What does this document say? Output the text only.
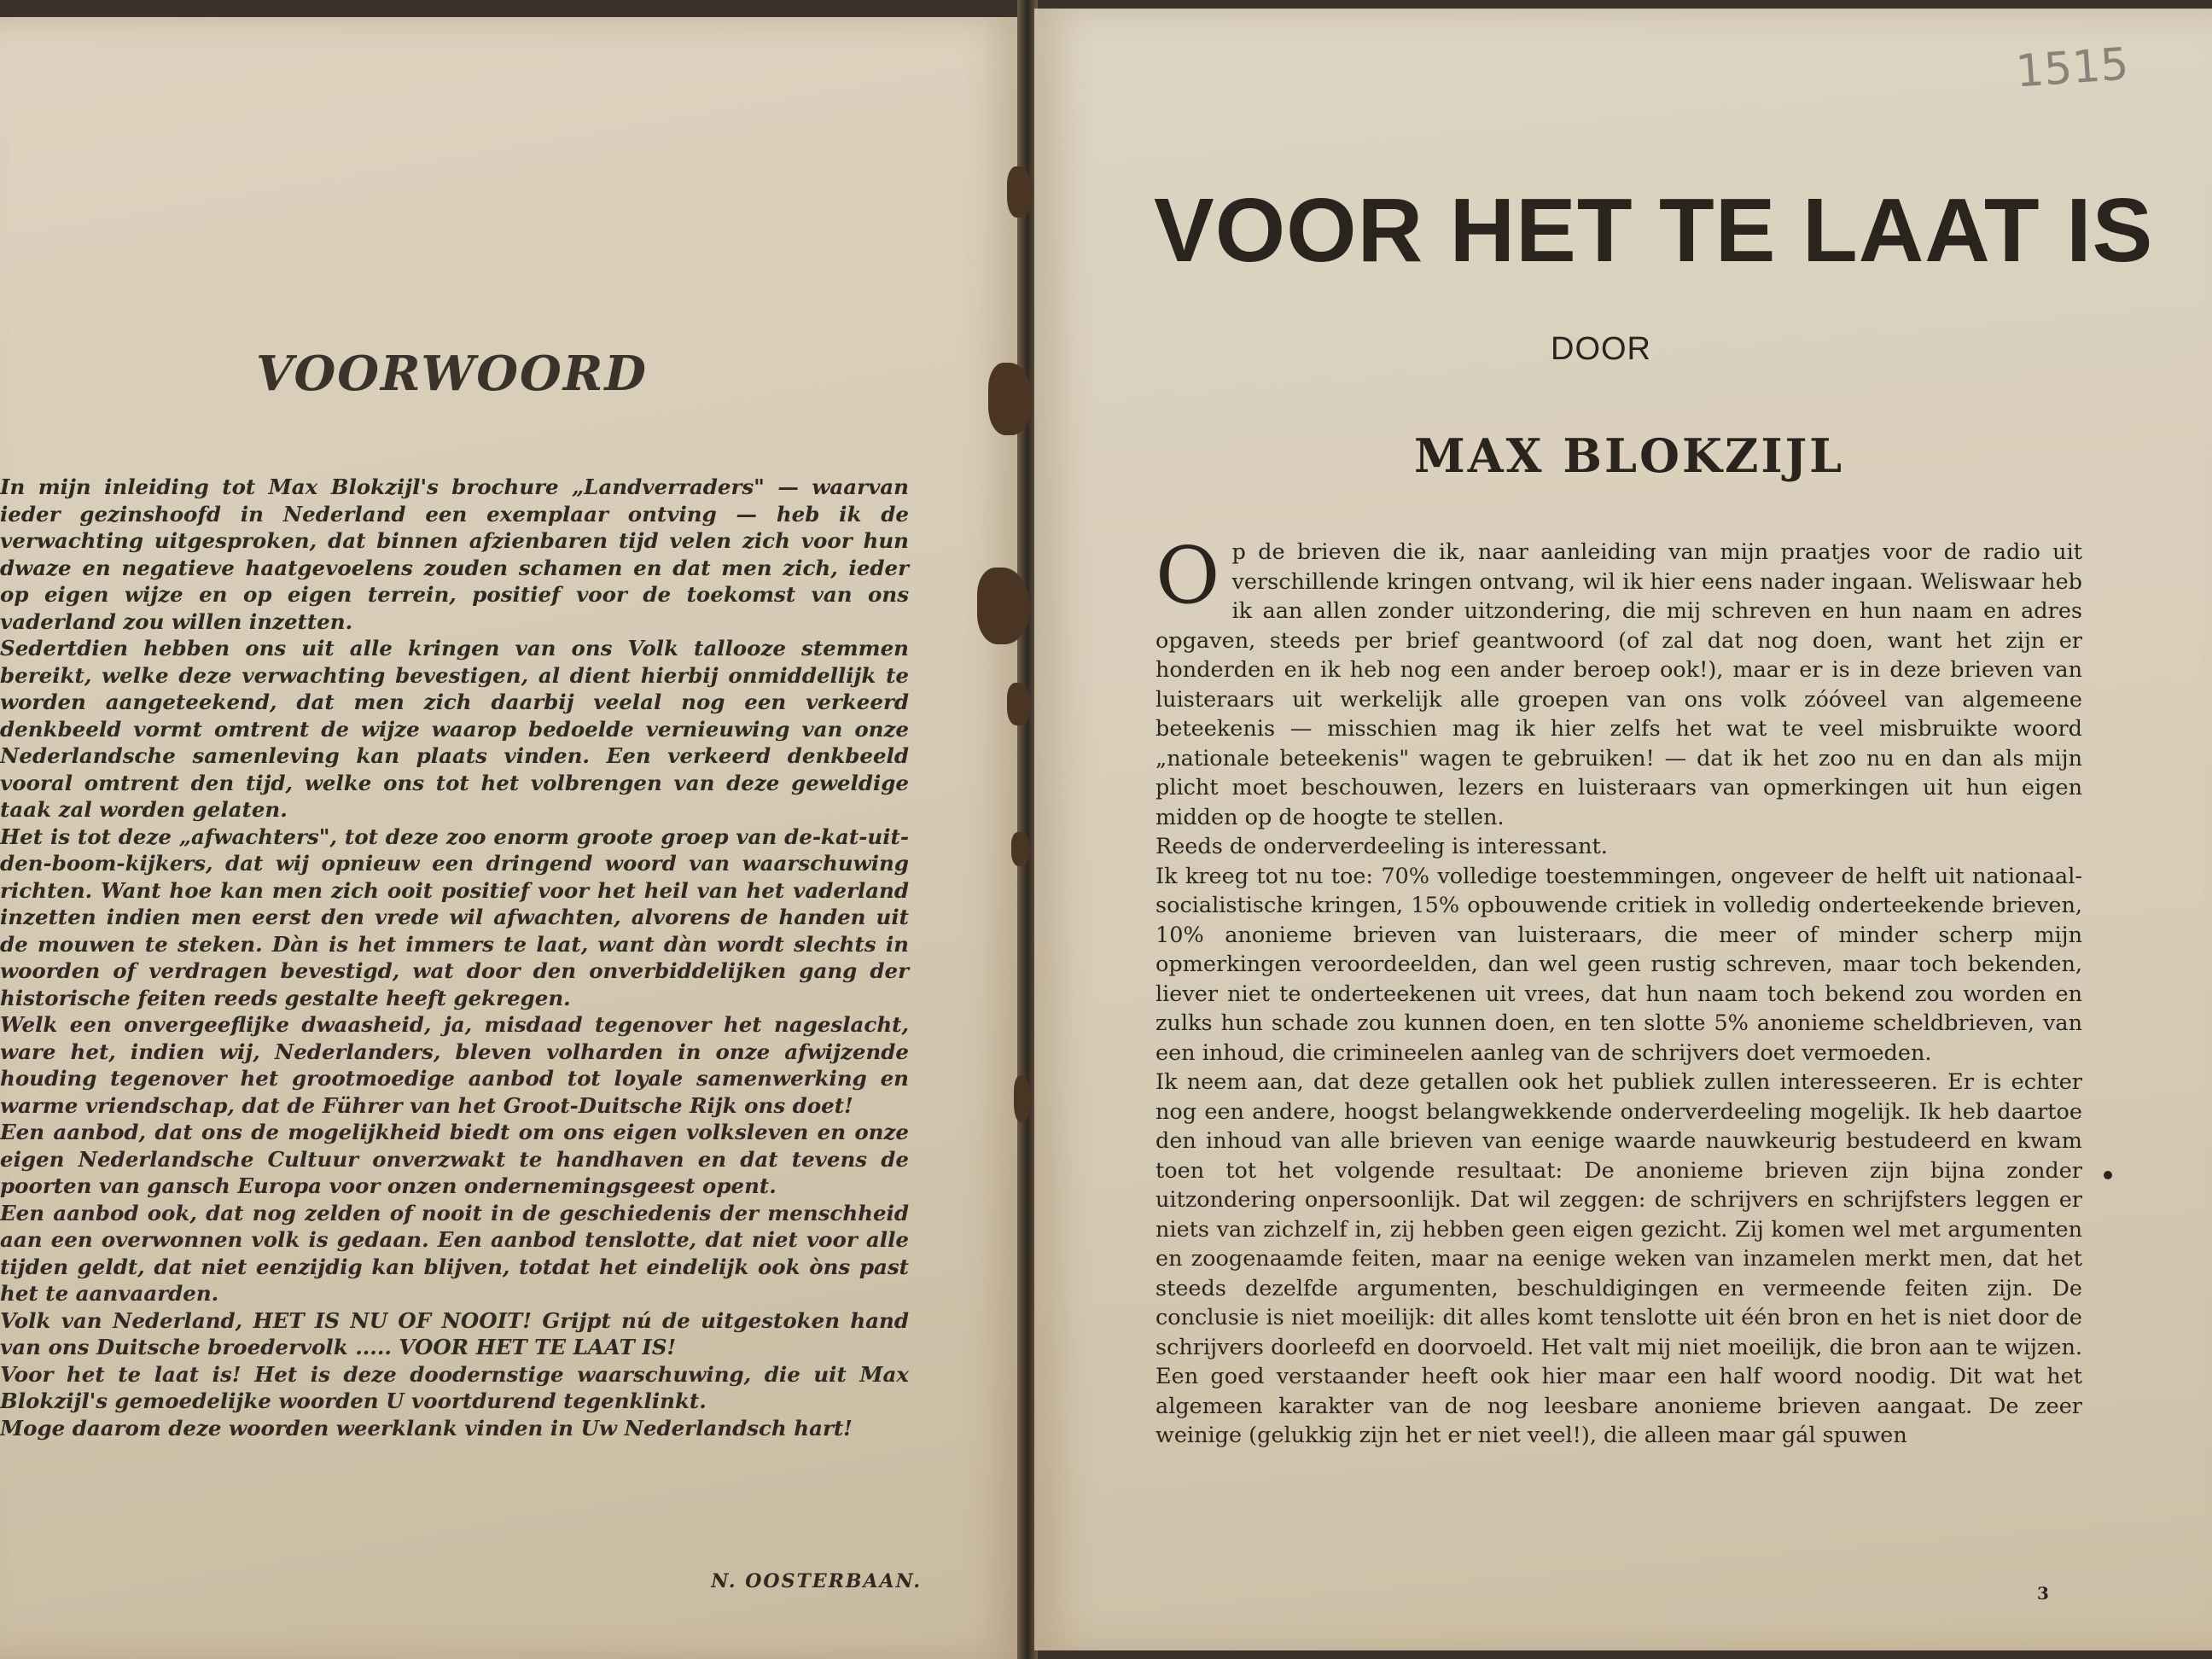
VOORWOORD

In mijn inleiding tot Max Blokzijl's brochure „Landverraders" — waarvan ieder gezinshoofd in Nederland een exemplaar ontving — heb ik de verwachting uitgesproken, dat binnen afzienbaren tijd velen zich voor hun dwaze en negatieve haatgevoelens zouden schamen en dat men zich, ieder op eigen wijze en op eigen terrein, positief voor de toekomst van ons vaderland zou willen inzetten.

Sedertdien hebben ons uit alle kringen van ons Volk tallooze stemmen bereikt, welke deze verwachting bevestigen, al dient hierbij onmiddellijk te worden aangeteekend, dat men zich daarbij veelal nog een verkeerd denkbeeld vormt omtrent de wijze waarop bedoelde vernieuwing van onze Nederlandsche samenleving kan plaats vinden. Een verkeerd denkbeeld vooral omtrent den tijd, welke ons tot het volbrengen van deze geweldige taak zal worden gelaten.

Het is tot deze „afwachters", tot deze zoo enorm groote groep van de-kat-uit-den-boom-kijkers, dat wij opnieuw een dringend woord van waarschuwing richten. Want hoe kan men zich ooit positief voor het heil van het vaderland inzetten indien men eerst den vrede wil afwachten, alvorens de handen uit de mouwen te steken. Dàn is het immers te laat, want dàn wordt slechts in woorden of verdragen bevestigd, wat door den onverbiddelijken gang der historische feiten reeds gestalte heeft gekregen.

Welk een onvergeeflijke dwaasheid, ja, misdaad tegenover het nageslacht, ware het, indien wij, Nederlanders, bleven volharden in onze afwijzende houding tegenover het grootmoedige aanbod tot loyale samenwerking en warme vriendschap, dat de Führer van het Groot-Duitsche Rijk ons doet!

Een aanbod, dat ons de mogelijkheid biedt om ons eigen volksleven en onze eigen Nederlandsche Cultuur onverzwakt te handhaven en dat tevens de poorten van gansch Europa voor onzen ondernemingsgeest opent.

Een aanbod ook, dat nog zelden of nooit in de geschiedenis der menschheid aan een overwonnen volk is gedaan. Een aanbod tenslotte, dat niet voor alle tijden geldt, dat niet eenzijdig kan blijven, totdat het eindelijk ook òns past het te aanvaarden.

Volk van Nederland, HET IS NU OF NOOIT! Grijpt nú de uitgestoken hand van ons Duitsche broedervolk ..... VOOR HET TE LAAT IS!

Voor het te laat is! Het is deze doodernstige waarschuwing, die uit Max Blokzijl's gemoedelijke woorden U voortdurend tegenklinkt.

Moge daarom deze woorden weerklank vinden in Uw Nederlandsch hart!

N. OOSTERBAAN.
1515
VOOR HET TE LAAT IS
DOOR
MAX BLOKZIJL
O p de brieven die ik, naar aanleiding van mijn praatjes voor de radio uit verschillende kringen ontvang, wil ik hier eens nader ingaan. Weliswaar heb ik aan allen zonder uitzondering, die mij schreven en hun naam en adres opgaven, steeds per brief geantwoord (of zal dat nog doen, want het zijn er honderden en ik heb nog een ander beroep ook!), maar er is in deze brieven van luisteraars uit werkelijk alle groepen van ons volk zóóveel van algemeene beteekenis — misschien mag ik hier zelfs het wat te veel misbruikte woord „nationale beteekenis" wagen te gebruiken! — dat ik het zoo nu en dan als mijn plicht moet beschouwen, lezers en luisteraars van opmerkingen uit hun eigen midden op de hoogte te stellen.

Reeds de onderverdeeling is interessant.

Ik kreeg tot nu toe: 70% volledige toestemmingen, ongeveer de helft uit nationaal-socialistische kringen, 15% opbouwende critiek in volledig onderteekende brieven, 10% anonieme brieven van luisteraars, die meer of minder scherp mijn opmerkingen veroordeelden, dan wel geen rustig schreven, maar toch bekenden, liever niet te onderteekenen uit vrees, dat hun naam toch bekend zou worden en zulks hun schade zou kunnen doen, en ten slotte 5% anonieme scheldbrieven, van een inhoud, die crimineelen aanleg van de schrijvers doet vermoeden.

Ik neem aan, dat deze getallen ook het publiek zullen interesseeren. Er is echter nog een andere, hoogst belangwekkende onderverdeeling mogelijk. Ik heb daartoe den inhoud van alle brieven van eenige waarde nauwkeurig bestudeerd en kwam toen tot het volgende resultaat: De anonieme brieven zijn bijna zonder uitzondering onpersoonlijk. Dat wil zeggen: de schrijvers en schrijfsters leggen er niets van zichzelf in, zij hebben geen eigen gezicht. Zij komen wel met argumenten en zoogenaamde feiten, maar na eenige weken van inzamelen merkt men, dat het steeds dezelfde argumenten, beschuldigingen en vermeende feiten zijn. De conclusie is niet moeilijk: dit alles komt tenslotte uit één bron en het is niet door de schrijvers doorleefd en doorvoeld. Het valt mij niet moeilijk, die bron aan te wijzen. Een goed verstaander heeft ook hier maar een half woord noodig. Dit wat het algemeen karakter van de nog leesbare anonieme brieven aangaat. De zeer weinige (gelukkig zijn het er niet veel!), die alleen maar gál spuwen

3
